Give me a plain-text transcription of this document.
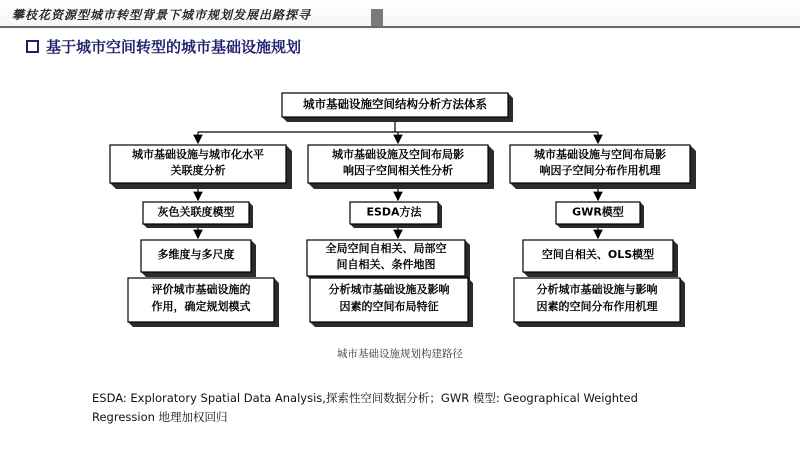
攀枝花资源型城市转型背景下城市规划发展出路探寻
基于城市空间转型的城市基础设施规划
城市基础设施空间结构分析方法体系
城市基础设施与城市化水平
关联度分析
灰色关联度模型
多维度与多尺度
评价城市基础设施的
作用，确定规划模式
城市基础设施及空间布局影
响因子空间相关性分析
ESDA方法
全局空间自相关、局部空
间自相关、条件地图
分析城市基础设施及影响
因素的空间布局特征
城市基础设施与空间布局影
响因子空间分布作用机理
GWR模型
空间自相关、OLS模型
分析城市基础设施与影响
因素的空间分布作用机理
城市基础设施规划构建路径
ESDA: Exploratory Spatial Data Analysis,探索性空间数据分析；GWR 模型: Geographical Weighted
Regression 地理加权回归
